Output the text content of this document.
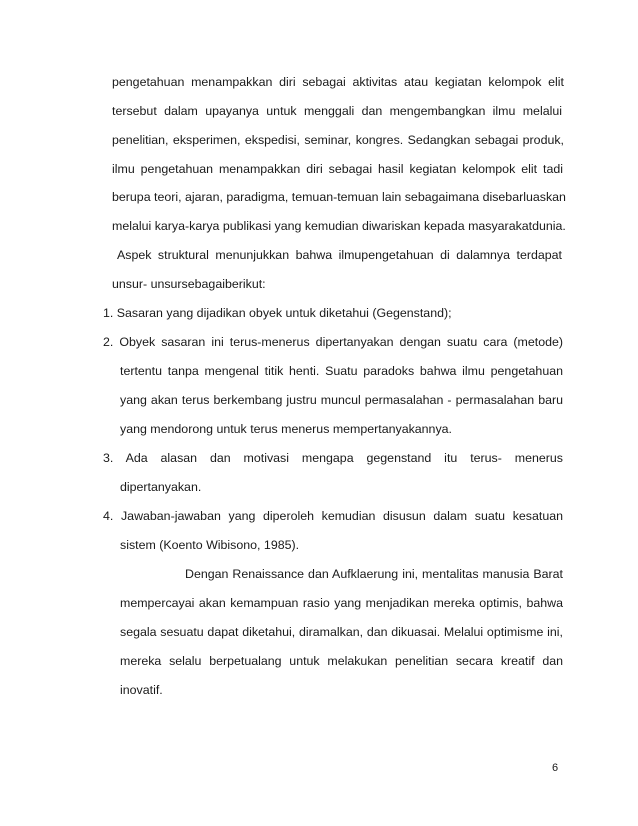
pengetahuan menampakkan diri sebagai aktivitas atau kegiatan kelompok elit
tersebut dalam upayanya untuk menggali dan mengembangkan ilmu melalui
penelitian, eksperimen, ekspedisi, seminar, kongres. Sedangkan sebagai produk,
ilmu pengetahuan menampakkan diri sebagai hasil kegiatan kelompok elit tadi
berupa teori, ajaran, paradigma, temuan-temuan lain sebagaimana disebarluaskan
melalui karya-karya publikasi yang kemudian diwariskan kepada masyarakatdunia.
Aspek struktural menunjukkan bahwa ilmupengetahuan di dalamnya terdapat
unsur- unsursebagaiberikut:
1. Sasaran yang dijadikan obyek untuk diketahui (Gegenstand);
2. Obyek sasaran ini terus-menerus dipertanyakan dengan suatu cara (metode)
tertentu tanpa mengenal titik henti. Suatu paradoks bahwa ilmu pengetahuan
yang akan terus berkembang justru muncul permasalahan - permasalahan baru
yang mendorong untuk terus menerus mempertanyakannya.
3. Ada alasan dan motivasi mengapa gegenstand itu terus- menerus
dipertanyakan.
4. Jawaban-jawaban yang diperoleh kemudian disusun dalam suatu kesatuan
sistem (Koento Wibisono, 1985).
Dengan Renaissance dan Aufklaerung ini, mentalitas manusia Barat
mempercayai akan kemampuan rasio yang menjadikan mereka optimis, bahwa
segala sesuatu dapat diketahui, diramalkan, dan dikuasai. Melalui optimisme ini,
mereka selalu berpetualang untuk melakukan penelitian secara kreatif dan
inovatif.
6
